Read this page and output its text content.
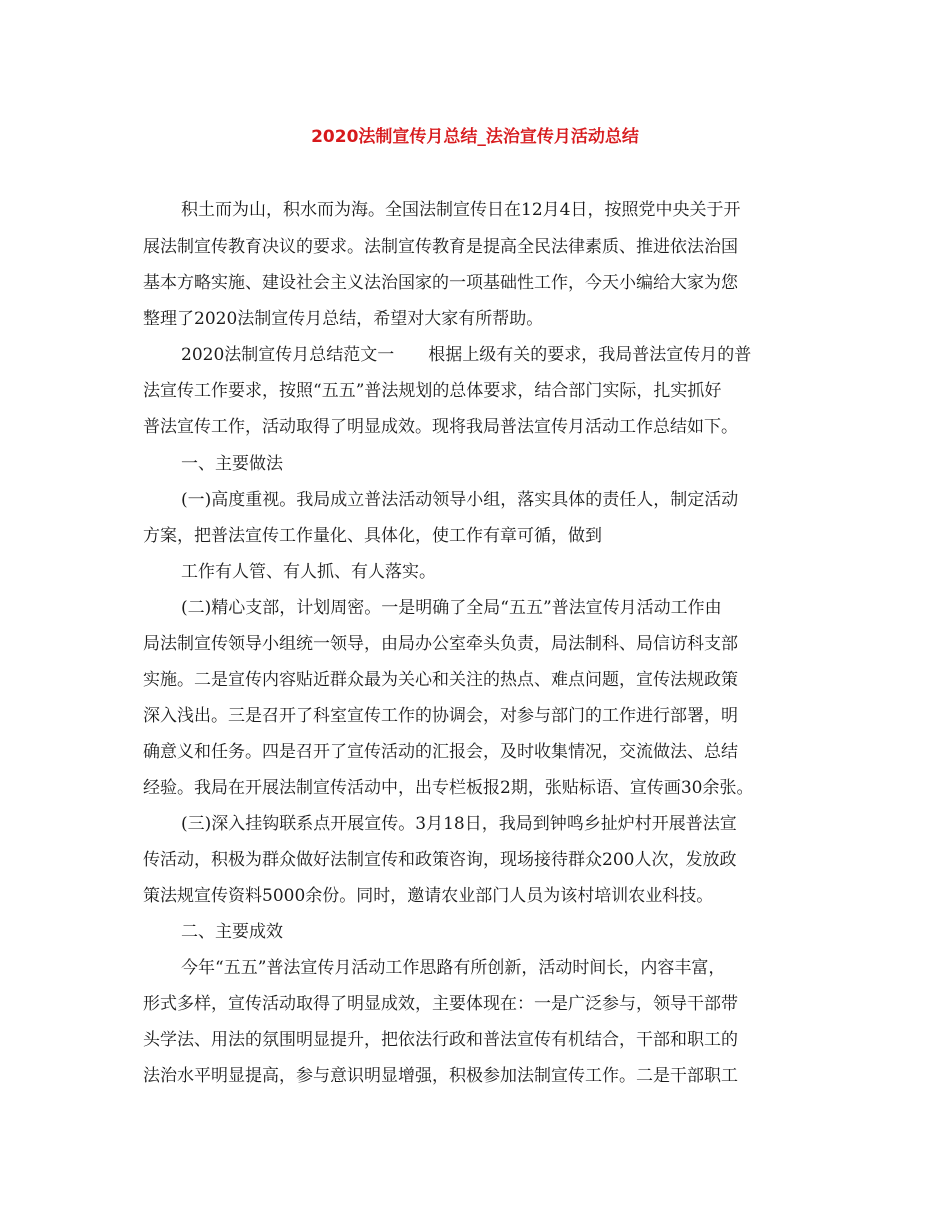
2020法制宣传月总结_法治宣传月活动总结
积土而为山，积水而为海。全国法制宣传日在12月4日，按照党中央关于开
展法制宣传教育决议的要求。法制宣传教育是提高全民法律素质、推进依法治国
基本方略实施、建设社会主义法治国家的一项基础性工作，今天小编给大家为您
整理了2020法制宣传月总结，希望对大家有所帮助。
2020法制宣传月总结范文一　　根据上级有关的要求，我局普法宣传月的普
法宣传工作要求，按照“五五”普法规划的总体要求，结合部门实际，扎实抓好
普法宣传工作，活动取得了明显成效。现将我局普法宣传月活动工作总结如下。
一、主要做法
(一)高度重视。我局成立普法活动领导小组，落实具体的责任人，制定活动
方案，把普法宣传工作量化、具体化，使工作有章可循，做到
工作有人管、有人抓、有人落实。
(二)精心支部，计划周密。一是明确了全局“五五”普法宣传月活动工作由
局法制宣传领导小组统一领导，由局办公室牵头负责，局法制科、局信访科支部
实施。二是宣传内容贴近群众最为关心和关注的热点、难点问题，宣传法规政策
深入浅出。三是召开了科室宣传工作的协调会，对参与部门的工作进行部署，明
确意义和任务。四是召开了宣传活动的汇报会，及时收集情况，交流做法、总结
经验。我局在开展法制宣传活动中，出专栏板报2期，张贴标语、宣传画30余张。
(三)深入挂钩联系点开展宣传。3月18日，我局到钟鸣乡扯炉村开展普法宣
传活动，积极为群众做好法制宣传和政策咨询，现场接待群众200人次，发放政
策法规宣传资料5000余份。同时，邀请农业部门人员为该村培训农业科技。
二、主要成效
今年“五五”普法宣传月活动工作思路有所创新，活动时间长，内容丰富，
形式多样，宣传活动取得了明显成效，主要体现在：一是广泛参与，领导干部带
头学法、用法的氛围明显提升，把依法行政和普法宣传有机结合，干部和职工的
法治水平明显提高，参与意识明显增强，积极参加法制宣传工作。二是干部职工
